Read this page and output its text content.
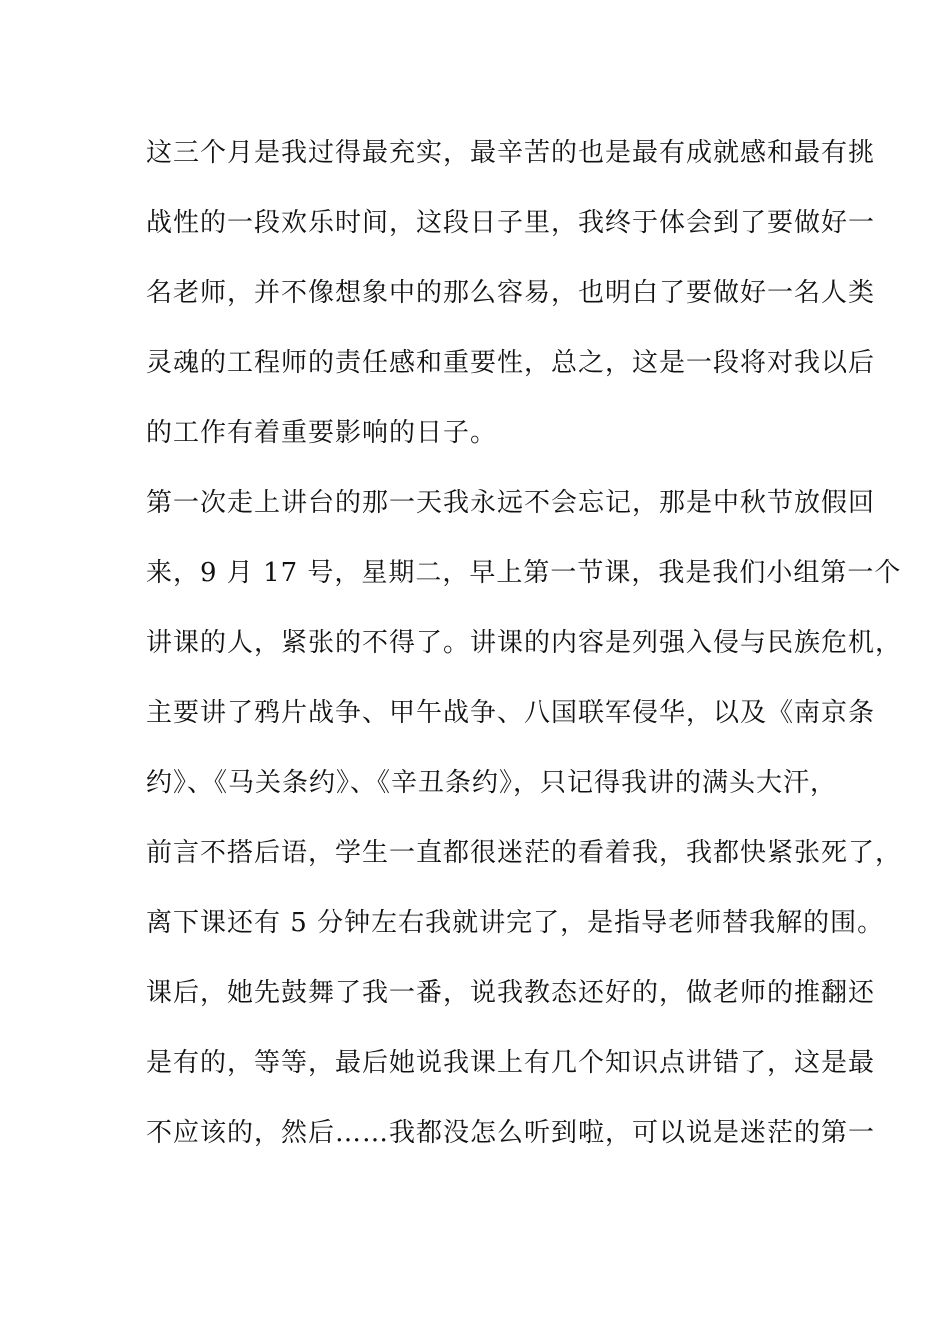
这三个月是我过得最充实，最辛苦的也是最有成就感和最有挑
战性的一段欢乐时间，这段日子里，我终于体会到了要做好一
名老师，并不像想象中的那么容易，也明白了要做好一名人类
灵魂的工程师的责任感和重要性，总之，这是一段将对我以后
的工作有着重要影响的日子。
第一次走上讲台的那一天我永远不会忘记，那是中秋节放假回
来，9 月 17 号，星期二，早上第一节课，我是我们小组第一个
讲课的人，紧张的不得了。讲课的内容是列强入侵与民族危机，
主要讲了鸦片战争、甲午战争、八国联军侵华，以及《南京条
约》、《马关条约》、《辛丑条约》，只记得我讲的满头大汗，
前言不搭后语，学生一直都很迷茫的看着我，我都快紧张死了，
离下课还有 5 分钟左右我就讲完了，是指导老师替我解的围。
课后，她先鼓舞了我一番，说我教态还好的，做老师的推翻还
是有的，等等，最后她说我课上有几个知识点讲错了，这是最
不应该的，然后……我都没怎么听到啦，可以说是迷茫的第一
